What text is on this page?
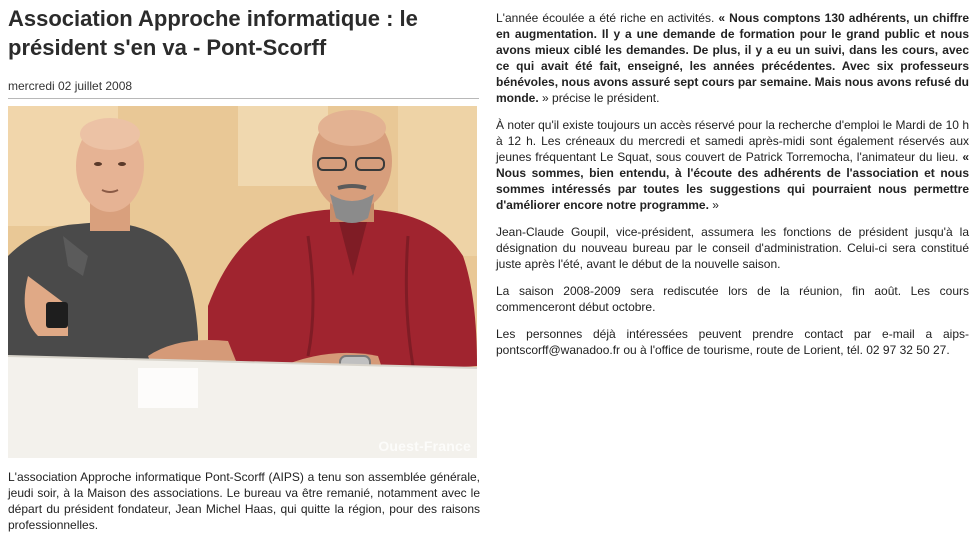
Association Approche informatique : le président s'en va - Pont-Scorff
mercredi 02 juillet 2008
Ouest-France
L'association Approche informatique Pont-Scorff (AIPS) a tenu son assemblée générale, jeudi soir, à la Maison des associations. Le bureau va être remanié, notamment avec le départ du président fondateur, Jean Michel Haas, qui quitte la région, pour des raisons professionnelles.

L'année écoulée a été riche en activités. « Nous comptons 130 adhérents, un chiffre en augmentation. Il y a une demande de formation pour le grand public et nous avons mieux ciblé les demandes. De plus, il y a eu un suivi, dans les cours, avec ce qui avait été fait, enseigné, les années précédentes. Avec six professeurs bénévoles, nous avons assuré sept cours par semaine. Mais nous avons refusé du monde. » précise le président.

À noter qu'il existe toujours un accès réservé pour la recherche d'emploi le Mardi de 10 h à 12 h. Les créneaux du mercredi et samedi après-midi sont également réservés aux jeunes fréquentant Le Squat, sous couvert de Patrick Torremocha, l'animateur du lieu. « Nous sommes, bien entendu, à l'écoute des adhérents de l'association et nous sommes intéressés par toutes les suggestions qui pourraient nous permettre d'améliorer encore notre programme. »

Jean-Claude Goupil, vice-président, assumera les fonctions de président jusqu'à la désignation du nouveau bureau par le conseil d'administration. Celui-ci sera constitué juste après l'été, avant le début de la nouvelle saison.

La saison 2008-2009 sera rediscutée lors de la réunion, fin août. Les cours commenceront début octobre.

Les personnes déjà intéressées peuvent prendre contact par e-mail a aips-pontscorff@wanadoo.fr ou à l'office de tourisme, route de Lorient, tél. 02 97 32 50 27.
